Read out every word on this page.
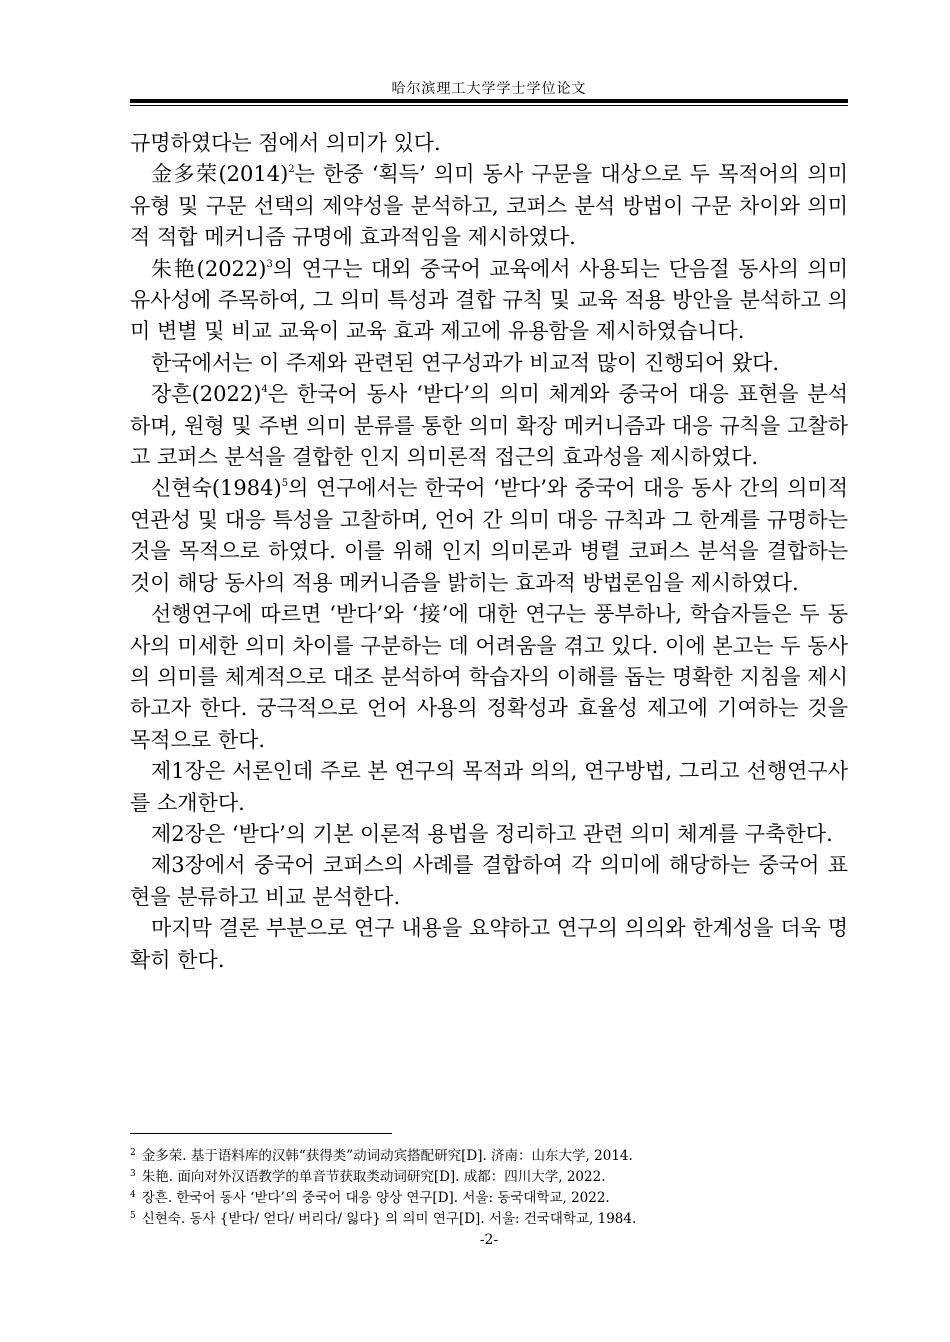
哈尔滨理工大学学士学位论文

규명하였다는 점에서 의미가 있다.

金多荣(2014)$^2$는 한중 ‘획득’ 의미 동사 구문을 대상으로 두 목적어의 의미 유형 및 구문 선택의 제약성을 분석하고, 코퍼스 분석 방법이 구문 차이와 의미적 적합 메커니즘 규명에 효과적임을 제시하였다.

朱艳(2022)$^3$의 연구는 대외 중국어 교육에서 사용되는 단음절 동사의 의미 유사성에 주목하여, 그 의미 특성과 결합 규칙 및 교육 적용 방안을 분석하고 의미 변별 및 비교 교육이 교육 효과 제고에 유용함을 제시하였습니다.

한국에서는 이 주제와 관련된 연구성과가 비교적 많이 진행되어 왔다.

장흔(2022)$^4$은 한국어 동사 ‘받다’의 의미 체계와 중국어 대응 표현을 분석하며, 원형 및 주변 의미 분류를 통한 의미 확장 메커니즘과 대응 규칙을 고찰하고 코퍼스 분석을 결합한 인지 의미론적 접근의 효과성을 제시하였다.

신현숙(1984)$^5$의 연구에서는 한국어 ‘받다’와 중국어 대응 동사 간의 의미적 연관성 및 대응 특성을 고찰하며, 언어 간 의미 대응 규칙과 그 한계를 규명하는 것을 목적으로 하였다. 이를 위해 인지 의미론과 병렬 코퍼스 분석을 결합하는 것이 해당 동사의 적용 메커니즘을 밝히는 효과적 방법론임을 제시하였다.

선행연구에 따르면 ‘받다’와 ‘接’에 대한 연구는 풍부하나, 학습자들은 두 동사의 미세한 의미 차이를 구분하는 데 어려움을 겪고 있다. 이에 본고는 두 동사의 의미를 체계적으로 대조 분석하여 학습자의 이해를 돕는 명확한 지침을 제시하고자 한다. 궁극적으로 언어 사용의 정확성과 효율성 제고에 기여하는 것을 목적으로 한다.

제1장은 서론인데 주로 본 연구의 목적과 의의, 연구방법, 그리고 선행연구사를 소개한다.

제2장은 ‘받다’의 기본 이론적 용법을 정리하고 관련 의미 체계를 구축한다.

제3장에서 중국어 코퍼스의 사례를 결합하여 각 의미에 해당하는 중국어 표현을 분류하고 비교 분석한다.

마지막 결론 부분으로 연구 내용을 요약하고 연구의 의의와 한계성을 더욱 명확히 한다.

$^2$ 金多荣. 基于语料库的汉韩“获得类”动词动宾搭配研究[D]. 济南：山东大学, 2014.
$^3$ 朱艳. 面向对外汉语教学的单音节获取类动词研究[D]. 成都：四川大学, 2022.
$^4$ 장흔. 한국어 동사 ‘받다’의 중국어 대응 양상 연구[D]. 서울: 동국대학교, 2022.
$^5$ 신현숙. 동사 {받다/ 얻다/ 버리다/ 잃다} 의 의미 연구[D]. 서울: 건국대학교, 1984.
-2-
